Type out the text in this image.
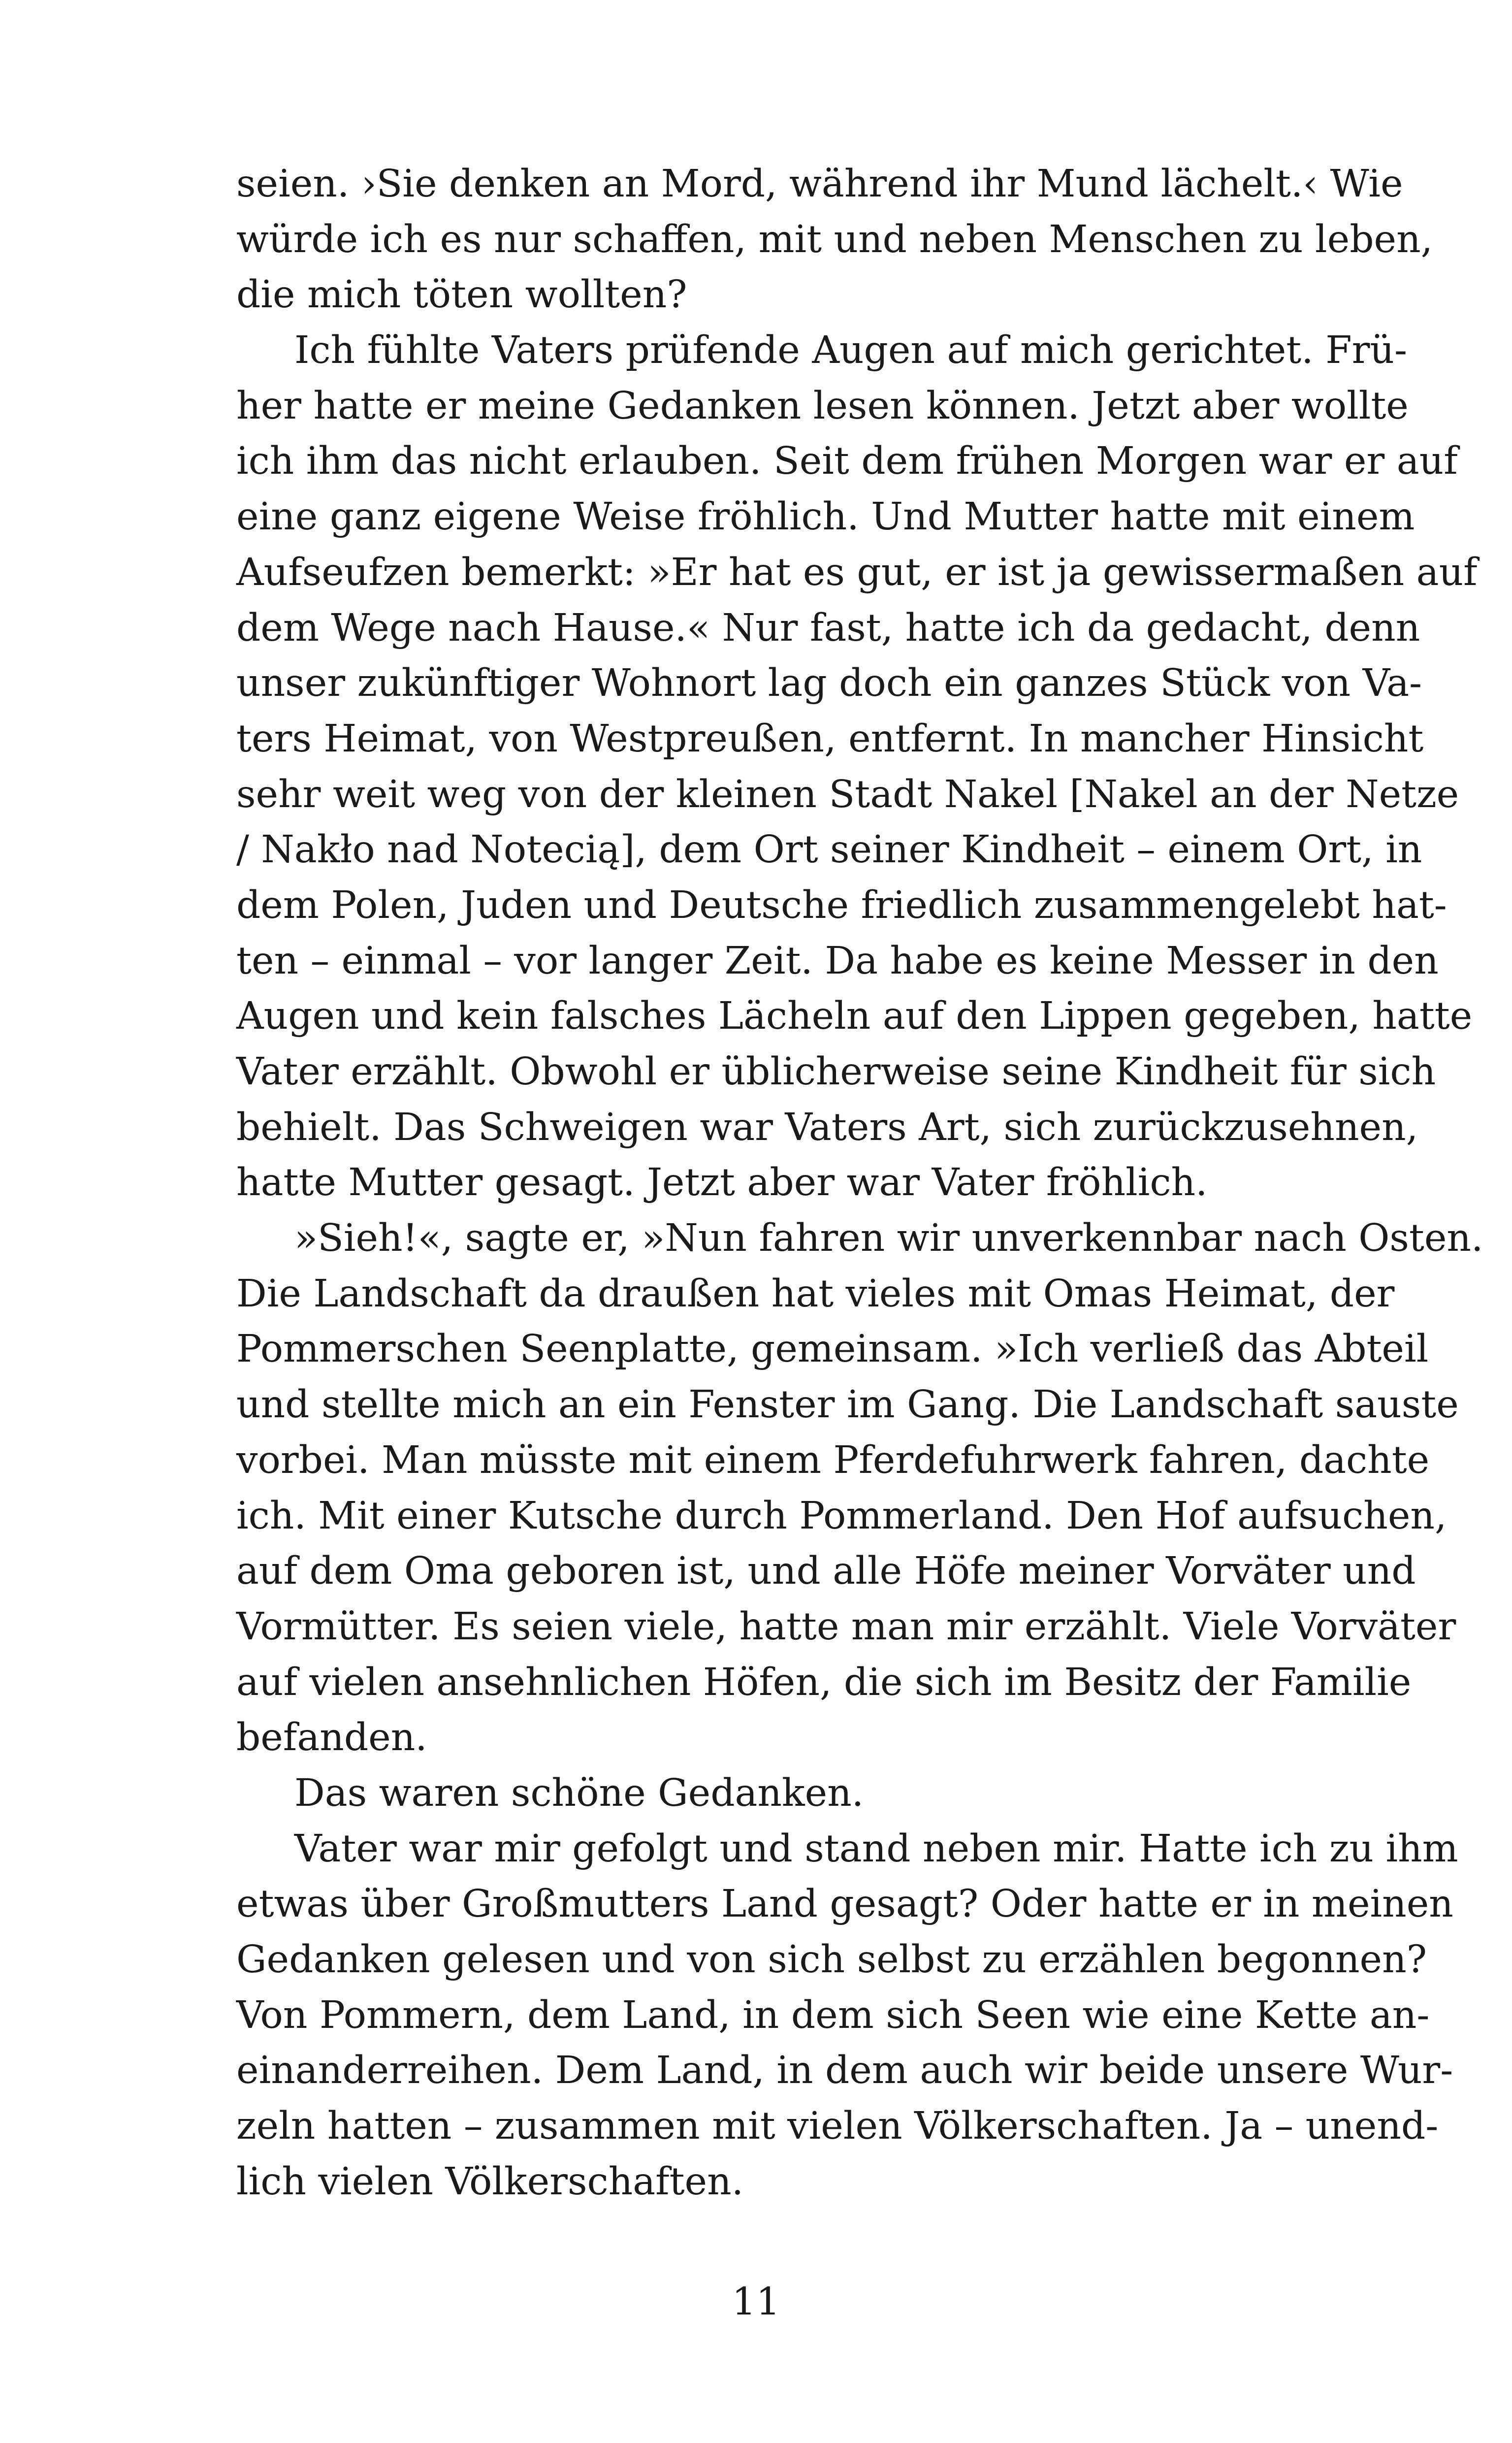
seien. ›Sie denken an Mord, während ihr Mund lächelt.‹ Wie
würde ich es nur schaffen, mit und neben Menschen zu leben,
die mich töten wollten?
Ich fühlte Vaters prüfende Augen auf mich gerichtet. Frü-
her hatte er meine Gedanken lesen können. Jetzt aber wollte
ich ihm das nicht erlauben. Seit dem frühen Morgen war er auf
eine ganz eigene Weise fröhlich. Und Mutter hatte mit einem
Aufseufzen bemerkt: »Er hat es gut, er ist ja gewissermaßen auf
dem Wege nach Hause.« Nur fast, hatte ich da gedacht, denn
unser zukünftiger Wohnort lag doch ein ganzes Stück von Va-
ters Heimat, von Westpreußen, entfernt. In mancher Hinsicht
sehr weit weg von der kleinen Stadt Nakel [Nakel an der Netze
/ Nakło nad Notecią], dem Ort seiner Kindheit – einem Ort, in
dem Polen, Juden und Deutsche friedlich zusammengelebt hat-
ten – einmal – vor langer Zeit. Da habe es keine Messer in den
Augen und kein falsches Lächeln auf den Lippen gegeben, hatte
Vater erzählt. Obwohl er üblicherweise seine Kindheit für sich
behielt. Das Schweigen war Vaters Art, sich zurückzusehnen,
hatte Mutter gesagt. Jetzt aber war Vater fröhlich.
»Sieh!«, sagte er, »Nun fahren wir unverkennbar nach Osten.
Die Landschaft da draußen hat vieles mit Omas Heimat, der
Pommerschen Seenplatte, gemeinsam. »Ich verließ das Abteil
und stellte mich an ein Fenster im Gang. Die Landschaft sauste
vorbei. Man müsste mit einem Pferdefuhrwerk fahren, dachte
ich. Mit einer Kutsche durch Pommerland. Den Hof aufsuchen,
auf dem Oma geboren ist, und alle Höfe meiner Vorväter und
Vormütter. Es seien viele, hatte man mir erzählt. Viele Vorväter
auf vielen ansehnlichen Höfen, die sich im Besitz der Familie
befanden.
Das waren schöne Gedanken.
Vater war mir gefolgt und stand neben mir. Hatte ich zu ihm
etwas über Großmutters Land gesagt? Oder hatte er in meinen
Gedanken gelesen und von sich selbst zu erzählen begonnen?
Von Pommern, dem Land, in dem sich Seen wie eine Kette an-
einanderreihen. Dem Land, in dem auch wir beide unsere Wur-
zeln hatten – zusammen mit vielen Völkerschaften. Ja – unend-
lich vielen Völkerschaften.
11
